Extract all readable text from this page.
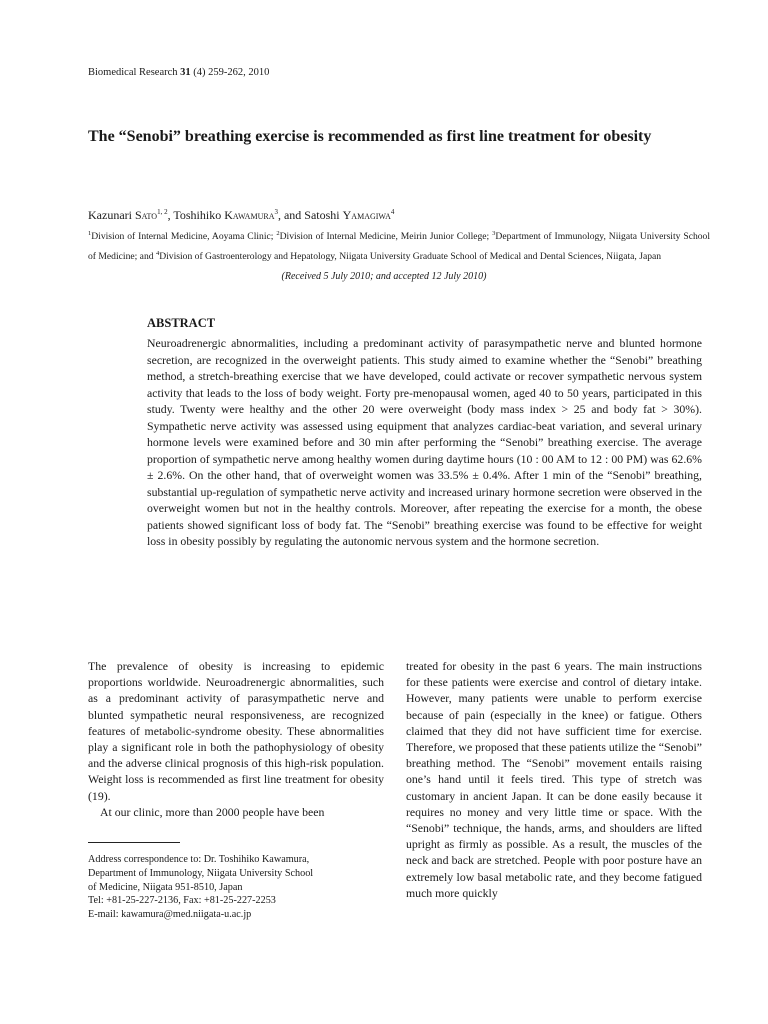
Biomedical Research 31 (4) 259-262, 2010
The “Senobi” breathing exercise is recommended as first line treatment for obesity
Kazunari Sato$^{1, 2}$, Toshihiko Kawamura$^3$, and Satoshi Yamagiwa$^4$
$^1$Division of Internal Medicine, Aoyama Clinic; $^2$Division of Internal Medicine, Meirin Junior College; $^3$Department of Immunology, Niigata University School of Medicine; and $^4$Division of Gastroenterology and Hepatology, Niigata University Graduate School of Medical and Dental Sciences, Niigata, Japan
(Received 5 July 2010; and accepted 12 July 2010)
ABSTRACT

Neuroadrenergic abnormalities, including a predominant activity of parasympathetic nerve and blunted hormone secretion, are recognized in the overweight patients. This study aimed to examine whether the “Senobi” breathing method, a stretch-breathing exercise that we have developed, could activate or recover sympathetic nervous system activity that leads to the loss of body weight. Forty pre-menopausal women, aged 40 to 50 years, participated in this study. Twenty were healthy and the other 20 were overweight (body mass index > 25 and body fat > 30%). Sympathetic nerve activity was assessed using equipment that analyzes cardiac-beat variation, and several urinary hormone levels were examined before and 30 min after performing the “Senobi” breathing exercise. The average proportion of sympathetic nerve among healthy women during daytime hours (10 : 00 AM to 12 : 00 PM) was 62.6% ± 2.6%. On the other hand, that of overweight women was 33.5% ± 0.4%. After 1 min of the “Senobi” breathing, substantial up-regulation of sympathetic nerve activity and increased urinary hormone secretion were observed in the overweight women but not in the healthy controls. Moreover, after repeating the exercise for a month, the obese patients showed significant loss of body fat. The “Senobi” breathing exercise was found to be effective for weight loss in obesity possibly by regulating the autonomic nervous system and the hormone secretion.

The prevalence of obesity is increasing to epidemic proportions worldwide. Neuroadrenergic abnormalities, such as a predominant activity of parasympathetic nerve and blunted sympathetic neural responsiveness, are recognized features of metabolic-syndrome obesity. These abnormalities play a significant role in both the pathophysiology of obesity and the adverse clinical prognosis of this high-risk population. Weight loss is recommended as first line treatment for obesity (19).

At our clinic, more than 2000 people have been

Address correspondence to: Dr. Toshihiko Kawamura,
Department of Immunology, Niigata University School
of Medicine, Niigata 951-8510, Japan
Tel: +81-25-227-2136, Fax: +81-25-227-2253
E-mail: kawamura@med.niigata-u.ac.jp

treated for obesity in the past 6 years. The main instructions for these patients were exercise and control of dietary intake. However, many patients were unable to perform exercise because of pain (especially in the knee) or fatigue. Others claimed that they did not have sufficient time for exercise. Therefore, we proposed that these patients utilize the “Senobi” breathing method. The “Senobi” movement entails raising one’s hand until it feels tired. This type of stretch was customary in ancient Japan. It can be done easily because it requires no money and very little time or space. With the “Senobi” technique, the hands, arms, and shoulders are lifted upright as firmly as possible. As a result, the muscles of the neck and back are stretched. People with poor posture have an extremely low basal metabolic rate, and they become fatigued much more quickly
